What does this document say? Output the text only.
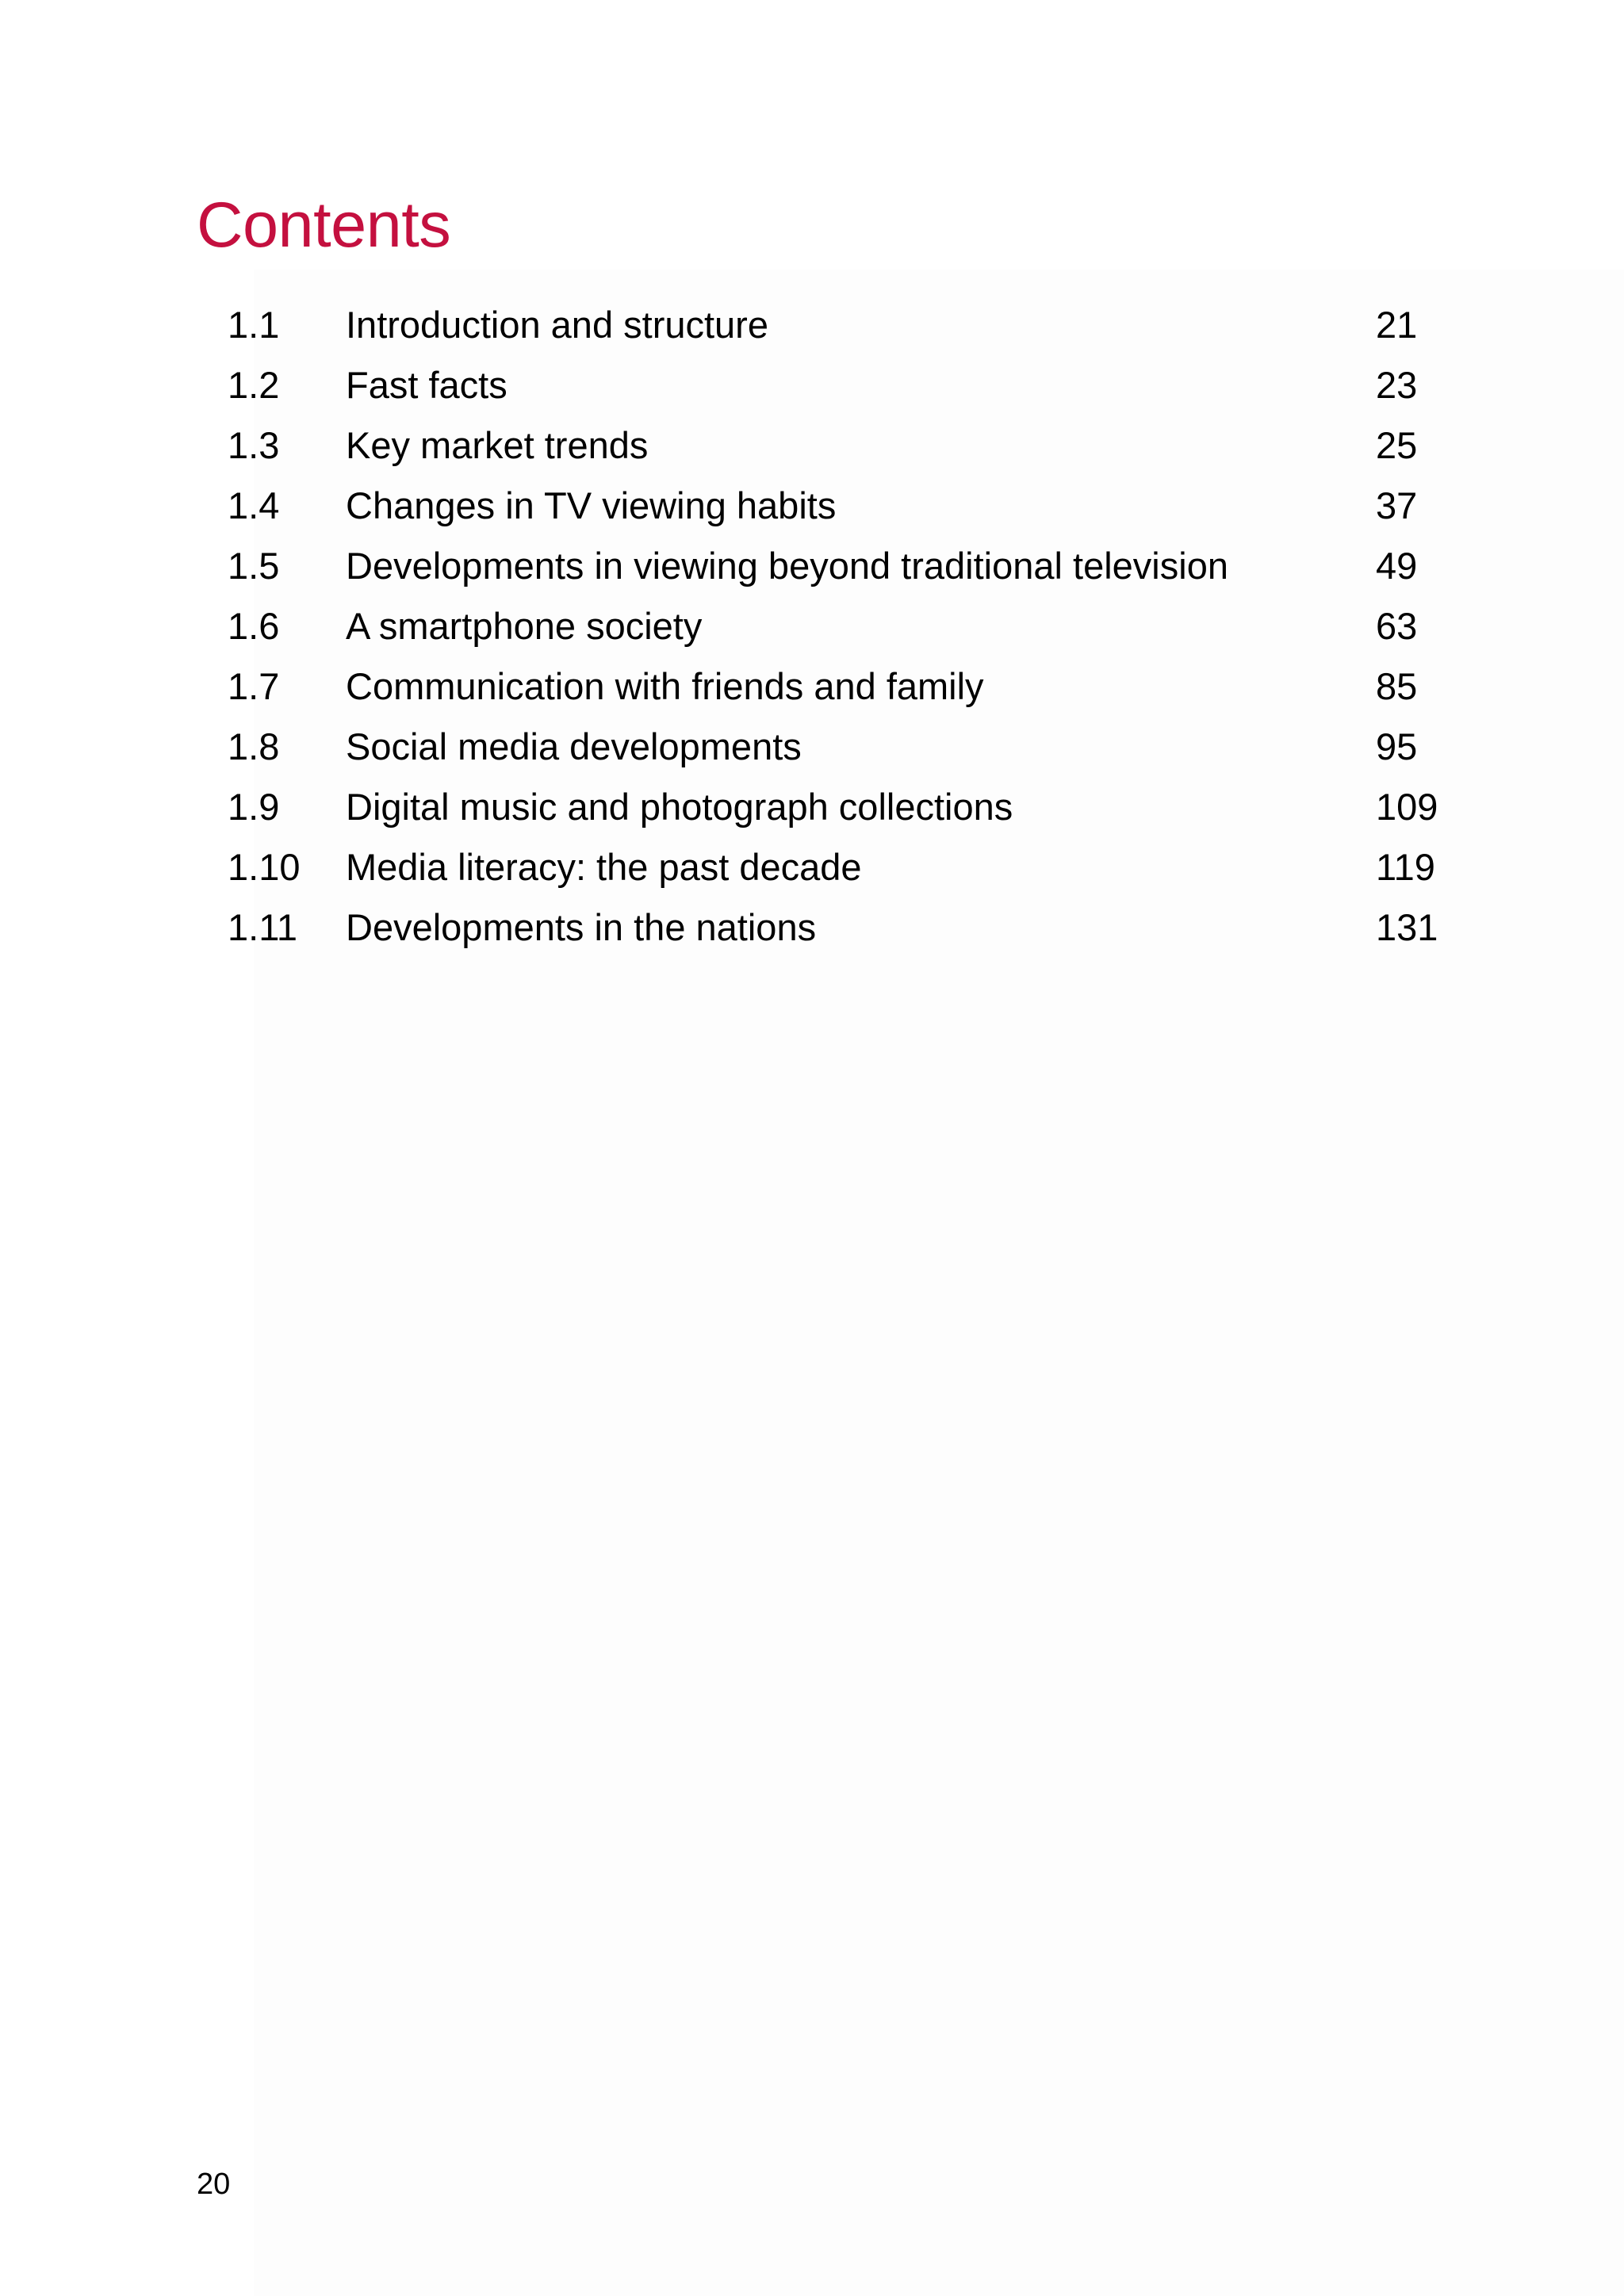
Contents
1.1 Introduction and structure	21
1.2 Fast facts	23
1.3 Key market trends	25
1.4 Changes in TV viewing habits	37
1.5 Developments in viewing beyond traditional television	49
1.6 A smartphone society	63
1.7 Communication with friends and family	85
1.8 Social media developments	95
1.9 Digital music and photograph collections	109
1.10 Media literacy: the past decade	119
1.11 Developments in the nations	131
20
